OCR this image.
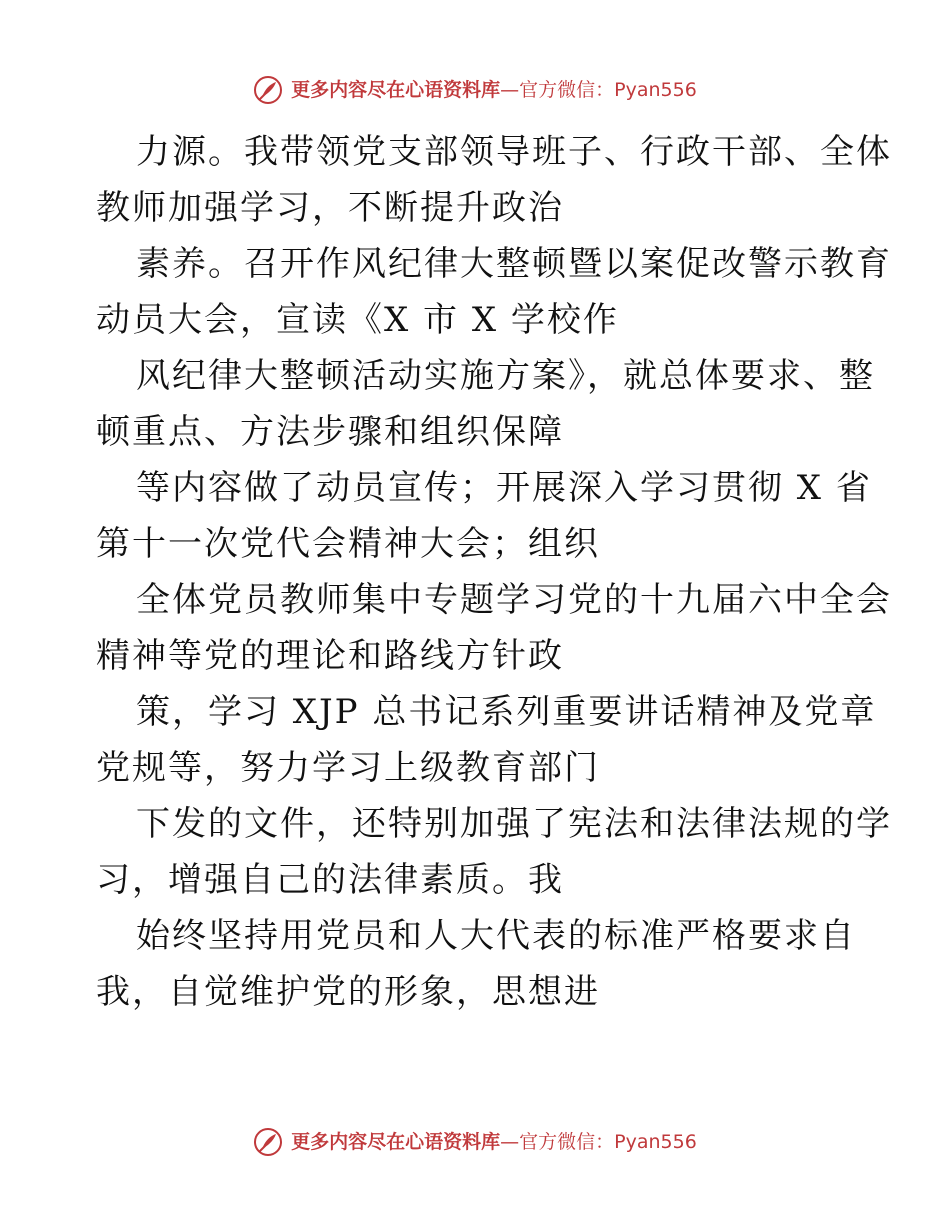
更多内容尽在心语资料库—官方微信：Pyan556
力源。我带领党支部领导班子、行政干部、全体
教师加强学习，不断提升政治
素养。召开作风纪律大整顿暨以案促改警示教育
动员大会，宣读《X 市 X 学校作
风纪律大整顿活动实施方案》，就总体要求、整
顿重点、方法步骤和组织保障
等内容做了动员宣传；开展深入学习贯彻 X 省
第十一次党代会精神大会；组织
全体党员教师集中专题学习党的十九届六中全会
精神等党的理论和路线方针政
策，学习 XJP 总书记系列重要讲话精神及党章
党规等，努力学习上级教育部门
下发的文件，还特别加强了宪法和法律法规的学
习，增强自己的法律素质。我
始终坚持用党员和人大代表的标准严格要求自
我，自觉维护党的形象，思想进
更多内容尽在心语资料库—官方微信：Pyan556
